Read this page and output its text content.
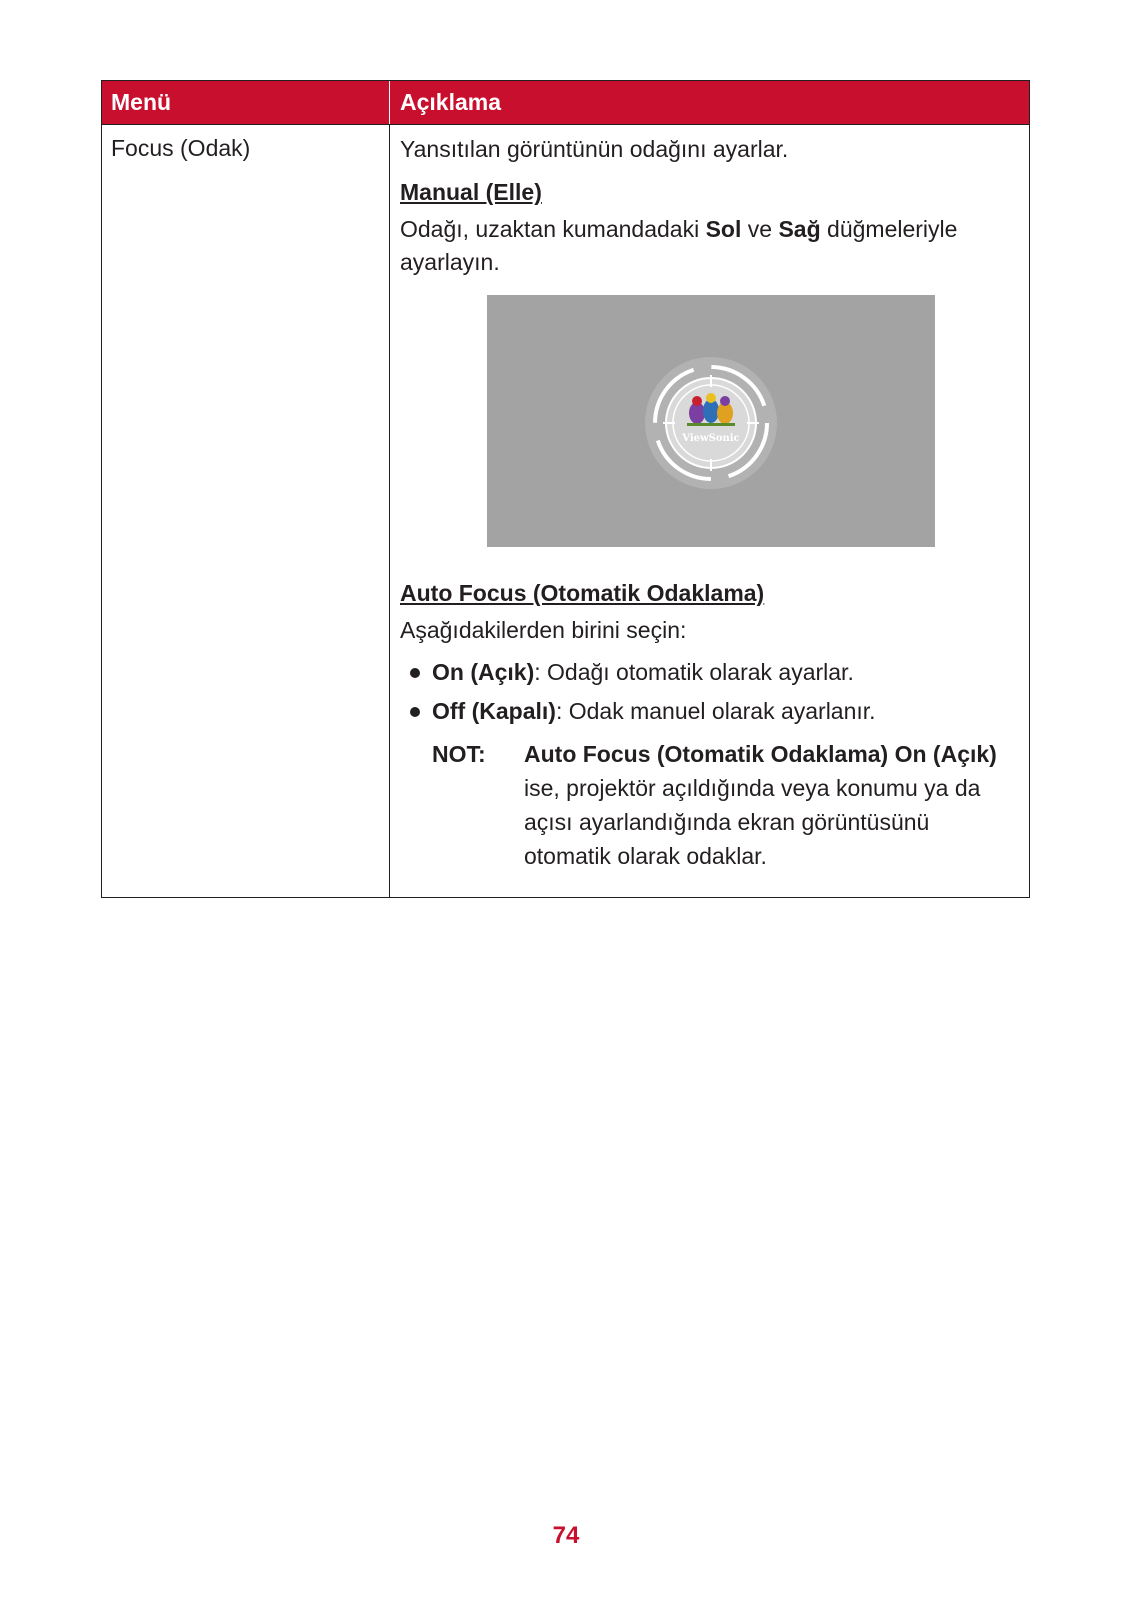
Menü	Açıklama
Focus (Odak)	Yansıtılan görüntünün odağını ayarlar.

Manual (Elle)

Odağı, uzaktan kumandadaki Sol ve Sağ düğmeleriyle ayarlayın.

ViewSonic

Auto Focus (Otomatik Odaklama)

Aşağıdakilerden birini seçin:

On (Açık): Odağı otomatik olarak ayarlar.
Off (Kapalı): Odak manuel olarak ayarlanır.
NOT:	Auto Focus (Otomatik Odaklama) On (Açık) ise, projektör açıldığında veya konumu ya da açısı ayarlandığında ekran görüntüsünü otomatik olarak odaklar.
74
